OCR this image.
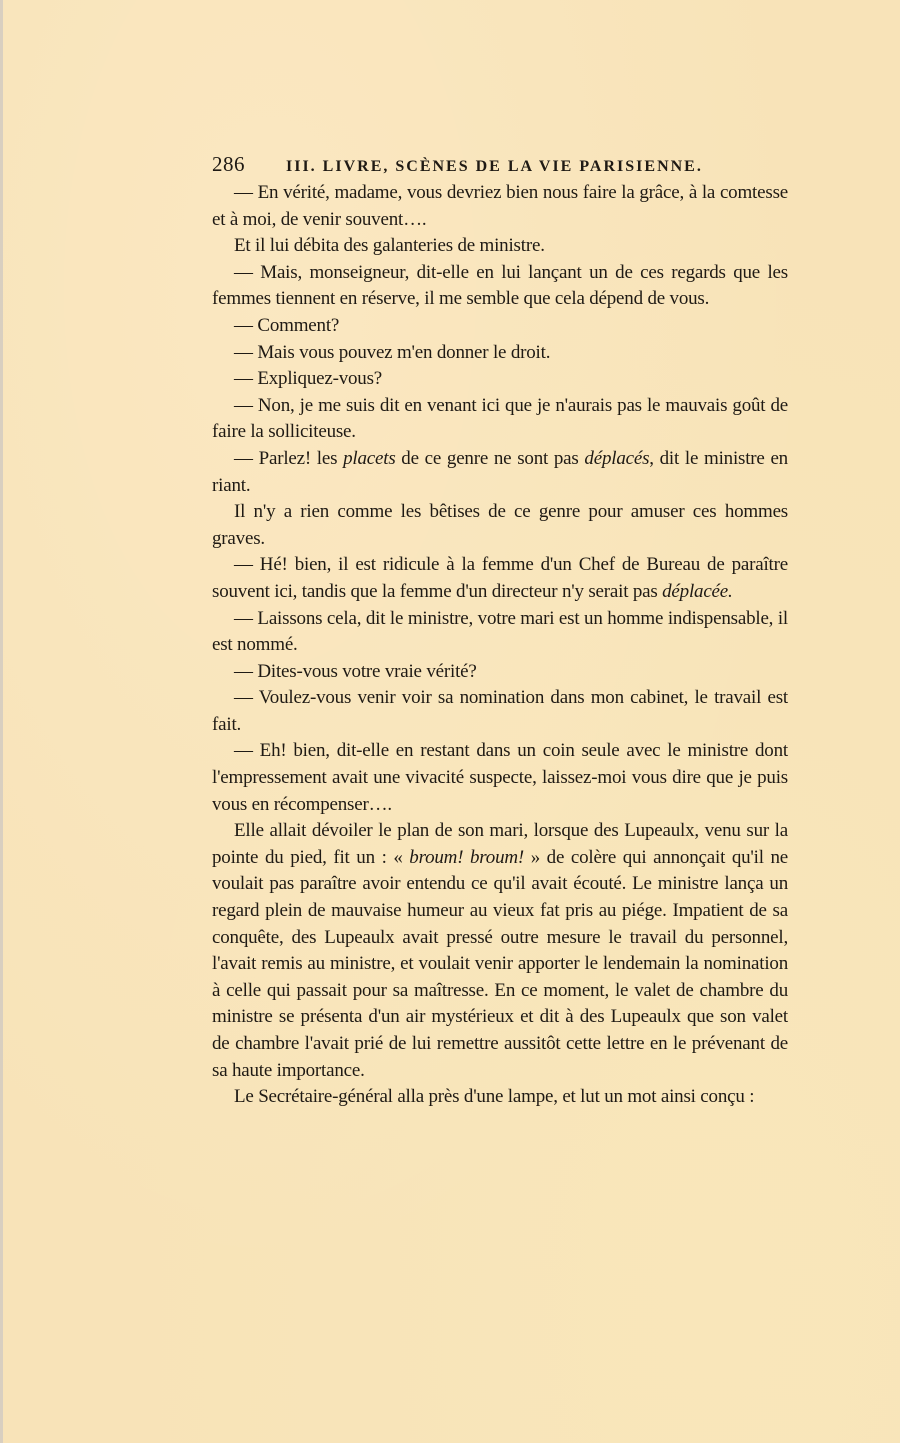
286	III. LIVRE, SCÈNES DE LA VIE PARISIENNE.

— En vérité, madame, vous devriez bien nous faire la grâce, à la comtesse et à moi, de venir souvent….

Et il lui débita des galanteries de ministre.

— Mais, monseigneur, dit-elle en lui lançant un de ces regards que les femmes tiennent en réserve, il me semble que cela dépend de vous.

— Comment?

— Mais vous pouvez m'en donner le droit.

— Expliquez-vous?

— Non, je me suis dit en venant ici que je n'aurais pas le mauvais goût de faire la solliciteuse.

— Parlez! les placets de ce genre ne sont pas déplacés, dit le ministre en riant.

Il n'y a rien comme les bêtises de ce genre pour amuser ces hommes graves.

— Hé! bien, il est ridicule à la femme d'un Chef de Bureau de paraître souvent ici, tandis que la femme d'un directeur n'y serait pas déplacée.

— Laissons cela, dit le ministre, votre mari est un homme indispensable, il est nommé.

— Dites-vous votre vraie vérité?

— Voulez-vous venir voir sa nomination dans mon cabinet, le travail est fait.

— Eh! bien, dit-elle en restant dans un coin seule avec le ministre dont l'empressement avait une vivacité suspecte, laissez-moi vous dire que je puis vous en récompenser….

Elle allait dévoiler le plan de son mari, lorsque des Lupeaulx, venu sur la pointe du pied, fit un : « broum! broum! » de colère qui annonçait qu'il ne voulait pas paraître avoir entendu ce qu'il avait écouté. Le ministre lança un regard plein de mauvaise humeur au vieux fat pris au piége. Impatient de sa conquête, des Lupeaulx avait pressé outre mesure le travail du personnel, l'avait remis au ministre, et voulait venir apporter le lendemain la nomination à celle qui passait pour sa maîtresse. En ce moment, le valet de chambre du ministre se présenta d'un air mystérieux et dit à des Lupeaulx que son valet de chambre l'avait prié de lui remettre aussitôt cette lettre en le prévenant de sa haute importance.

Le Secrétaire-général alla près d'une lampe, et lut un mot ainsi conçu :
